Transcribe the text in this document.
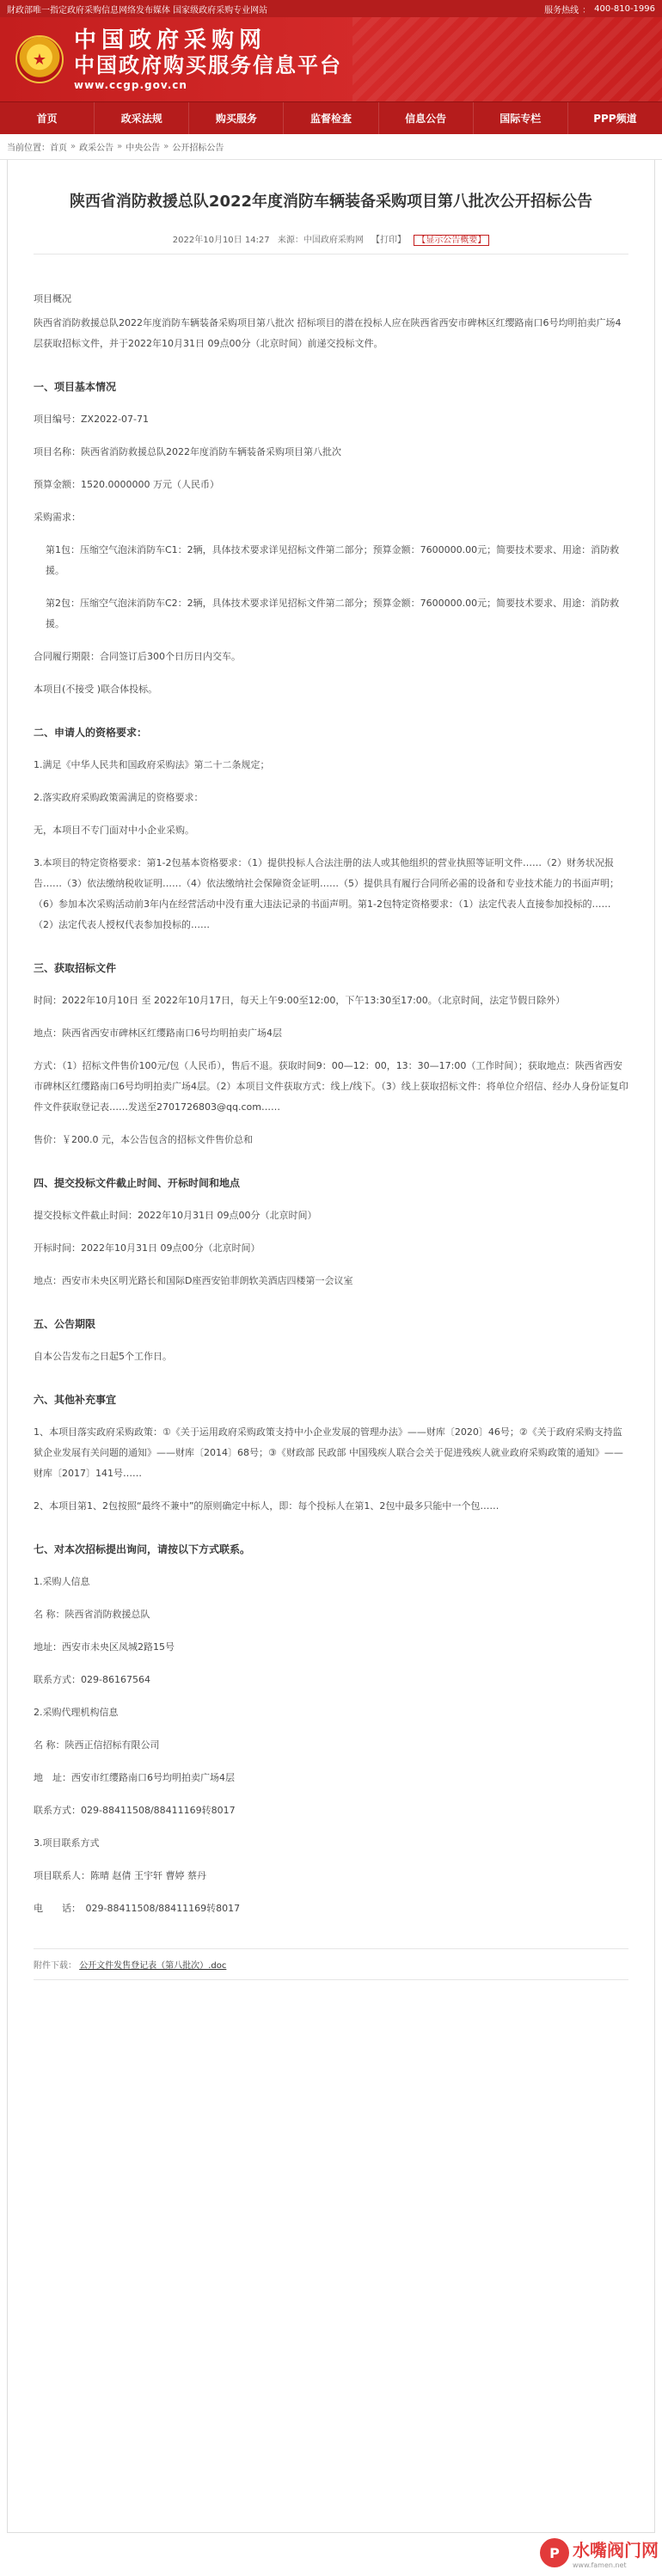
財政部唯一指定政府采购信息网络发布媒体 国家级政府采购专业网站	服务热线 ： 400-810-1996
★
中国政府采购网
中国政府购买服务信息平台
www.ccgp.gov.cn
首页	政采法规	购买服务	监督检查	信息公告	国际专栏	PPP频道
当前位置： 首页 » 政采公告 » 中央公告 » 公开招标公告
陕西省消防救援总队2022年度消防车辆装备采购项目第八批次公开招标公告
2022年10月10日 14:27 来源：中国政府采购网 【打印】 【显示公告概要】

项目概况

陕西省消防救援总队2022年度消防车辆装备采购项目第八批次 招标项目的潜在投标人应在陕西省西安市碑林区红缨路南口6号均明拍卖广场4层获取招标文件，并于2022年10月31日 09点00分（北京时间）前递交投标文件。

一、项目基本情况

项目编号：ZX2022-07-71

项目名称：陕西省消防救援总队2022年度消防车辆装备采购项目第八批次

预算金额：1520.0000000 万元（人民币）

采购需求：

第1包：压缩空气泡沫消防车C1：2辆，具体技术要求详见招标文件第二部分；预算金额：7600000.00元；简要技术要求、用途：消防救援。

第2包：压缩空气泡沫消防车C2：2辆，具体技术要求详见招标文件第二部分；预算金额：7600000.00元；简要技术要求、用途：消防救援。

合同履行期限：合同签订后300个日历日内交车。

本项目(不接受 )联合体投标。

二、申请人的资格要求：

1.满足《中华人民共和国政府采购法》第二十二条规定；

2.落实政府采购政策需满足的资格要求：

无，本项目不专门面对中小企业采购。

3.本项目的特定资格要求：第1-2包基本资格要求：（1）提供投标人合法注册的法人或其他组织的营业执照等证明文件……（2）财务状况报告……（3）依法缴纳税收证明……（4）依法缴纳社会保障资金证明……（5）提供具有履行合同所必需的设备和专业技术能力的书面声明；（6）参加本次采购活动前3年内在经营活动中没有重大违法记录的书面声明。第1-2包特定资格要求：（1）法定代表人直接参加投标的……（2）法定代表人授权代表参加投标的……

三、获取招标文件

时间：2022年10月10日 至 2022年10月17日，每天上午9:00至12:00，下午13:30至17:00。（北京时间，法定节假日除外）

地点：陕西省西安市碑林区红缨路南口6号均明拍卖广场4层

方式：（1）招标文件售价100元/包（人民币），售后不退。获取时间9：00—12：00，13：30—17:00（工作时间）；获取地点：陕西省西安市碑林区红缨路南口6号均明拍卖广场4层。（2）本项目文件获取方式：线上/线下。（3）线上获取招标文件：将单位介绍信、经办人身份证复印件文件获取登记表……发送至2701726803@qq.com……

售价：￥200.0 元，本公告包含的招标文件售价总和

四、提交投标文件截止时间、开标时间和地点

提交投标文件截止时间：2022年10月31日 09点00分（北京时间）

开标时间：2022年10月31日 09点00分（北京时间）

地点：西安市未央区明光路长和国际D座西安铂菲朗软美酒店四楼第一会议室

五、公告期限

自本公告发布之日起5个工作日。

六、其他补充事宜

1、本项目落实政府采购政策：①《关于运用政府采购政策支持中小企业发展的管理办法》——财库〔2020〕46号；②《关于政府采购支持监狱企业发展有关问题的通知》——财库〔2014〕68号；③《财政部 民政部 中国残疾人联合会关于促进残疾人就业政府采购政策的通知》——财库〔2017〕141号……

2、本项目第1、2包按照“最终不兼中”的原则确定中标人，即：每个投标人在第1、2包中最多只能中一个包……

七、对本次招标提出询问，请按以下方式联系。

1.采购人信息

名 称：陕西省消防救援总队

地址：西安市未央区凤城2路15号

联系方式：029-86167564

2.采购代理机构信息

名 称：陕西正信招标有限公司

地　址：西安市红缨路南口6号均明拍卖广场4层

联系方式：029-88411508/88411169转8017

3.项目联系方式

项目联系人：陈晴 赵倩 王宇轩 曹婷 蔡丹

电　　话：　029-88411508/88411169转8017

附件下载： 公开文件发售登记表（第八批次）.doc
P 水嘴阀门网
www.famen.net
